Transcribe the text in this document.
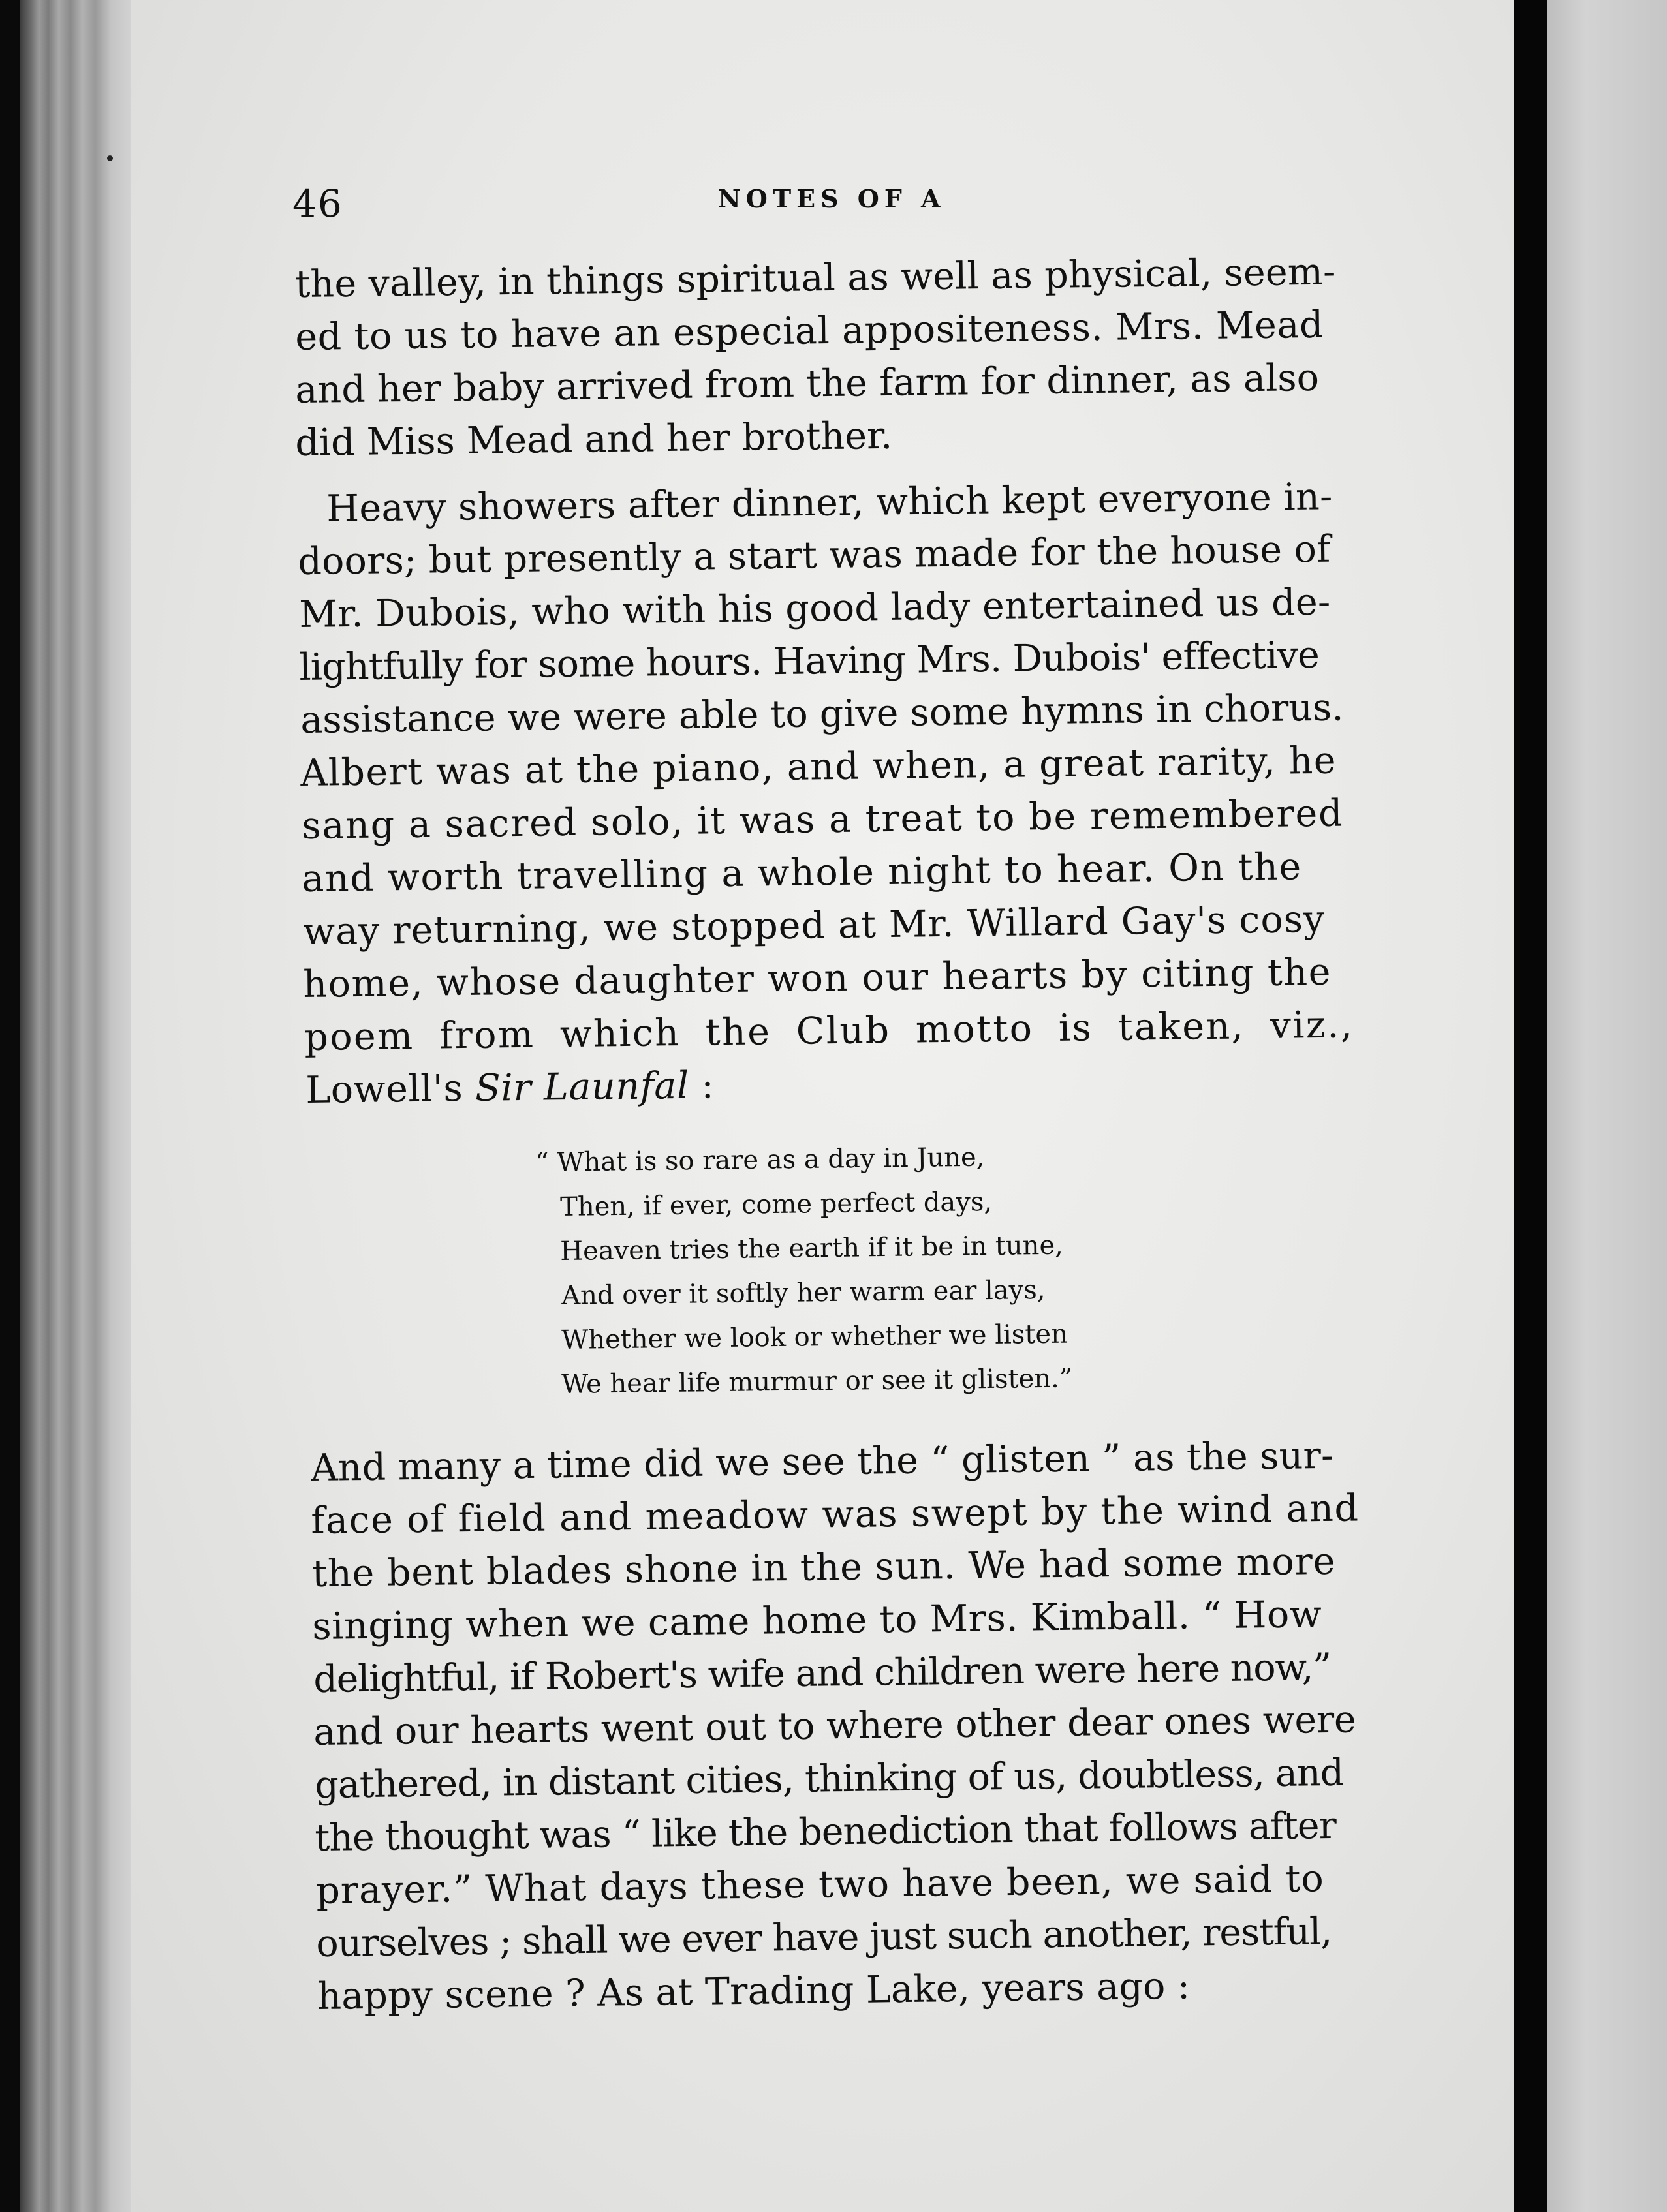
46	NOTES OF A
the valley, in things spiritual as well as physical, seem-
ed to us to have an especial appositeness. Mrs. Mead
and her baby arrived from the farm for dinner, as also
did Miss Mead and her brother.
Heavy showers after dinner, which kept everyone in-
doors; but presently a start was made for the house of
Mr. Dubois, who with his good lady entertained us de-
lightfully for some hours. Having Mrs. Dubois' effective
assistance we were able to give some hymns in chorus.
Albert was at the piano, and when, a great rarity, he
sang a sacred solo, it was a treat to be remembered
and worth travelling a whole night to hear. On the
way returning, we stopped at Mr. Willard Gay's cosy
home, whose daughter won our hearts by citing the
poem from which the Club motto is taken, viz.,
Lowell's Sir Launfal :
“ What is so rare as a day in June,
Then, if ever, come perfect days,
Heaven tries the earth if it be in tune,
And over it softly her warm ear lays,
Whether we look or whether we listen
We hear life murmur or see it glisten.”
And many a time did we see the “ glisten ” as the sur-
face of field and meadow was swept by the wind and
the bent blades shone in the sun. We had some more
singing when we came home to Mrs. Kimball. “ How
delightful, if Robert's wife and children were here now,”
and our hearts went out to where other dear ones were
gathered, in distant cities, thinking of us, doubtless, and
the thought was “ like the benediction that follows after
prayer.” What days these two have been, we said to
ourselves ; shall we ever have just such another, restful,
happy scene ? As at Trading Lake, years ago :
